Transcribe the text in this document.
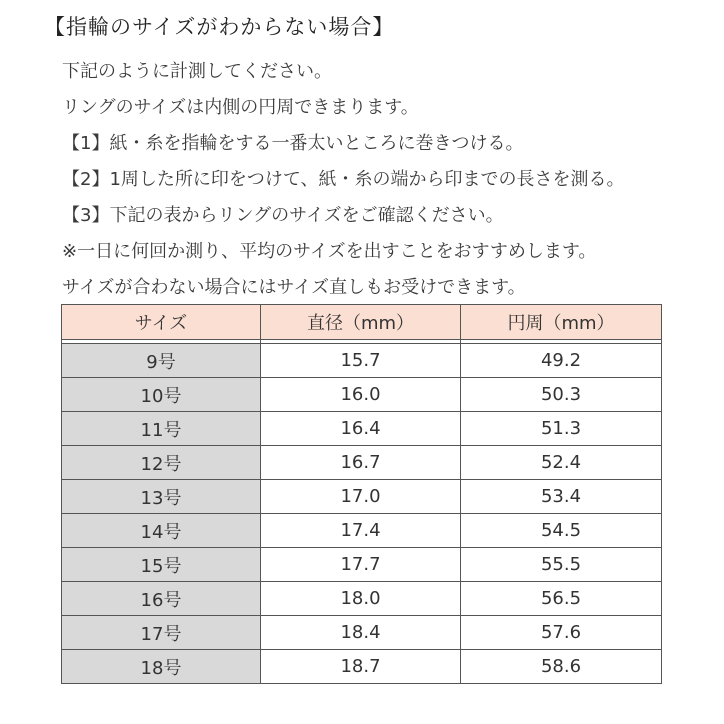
【指輪のサイズがわからない場合】
下記のように計測してください。
リングのサイズは内側の円周できまります。
【1】紙・糸を指輪をする一番太いところに巻きつける。
【2】1周した所に印をつけて、紙・糸の端から印までの長さを測る。
【3】下記の表からリングのサイズをご確認ください。
※一日に何回か測り、平均のサイズを出すことをおすすめします。
サイズが合わない場合にはサイズ直しもお受けできます。
サイズ	直径（mm）	円周（mm）

9号	15.7	49.2
10号	16.0	50.3
11号	16.4	51.3
12号	16.7	52.4
13号	17.0	53.4
14号	17.4	54.5
15号	17.7	55.5
16号	18.0	56.5
17号	18.4	57.6
18号	18.7	58.6
